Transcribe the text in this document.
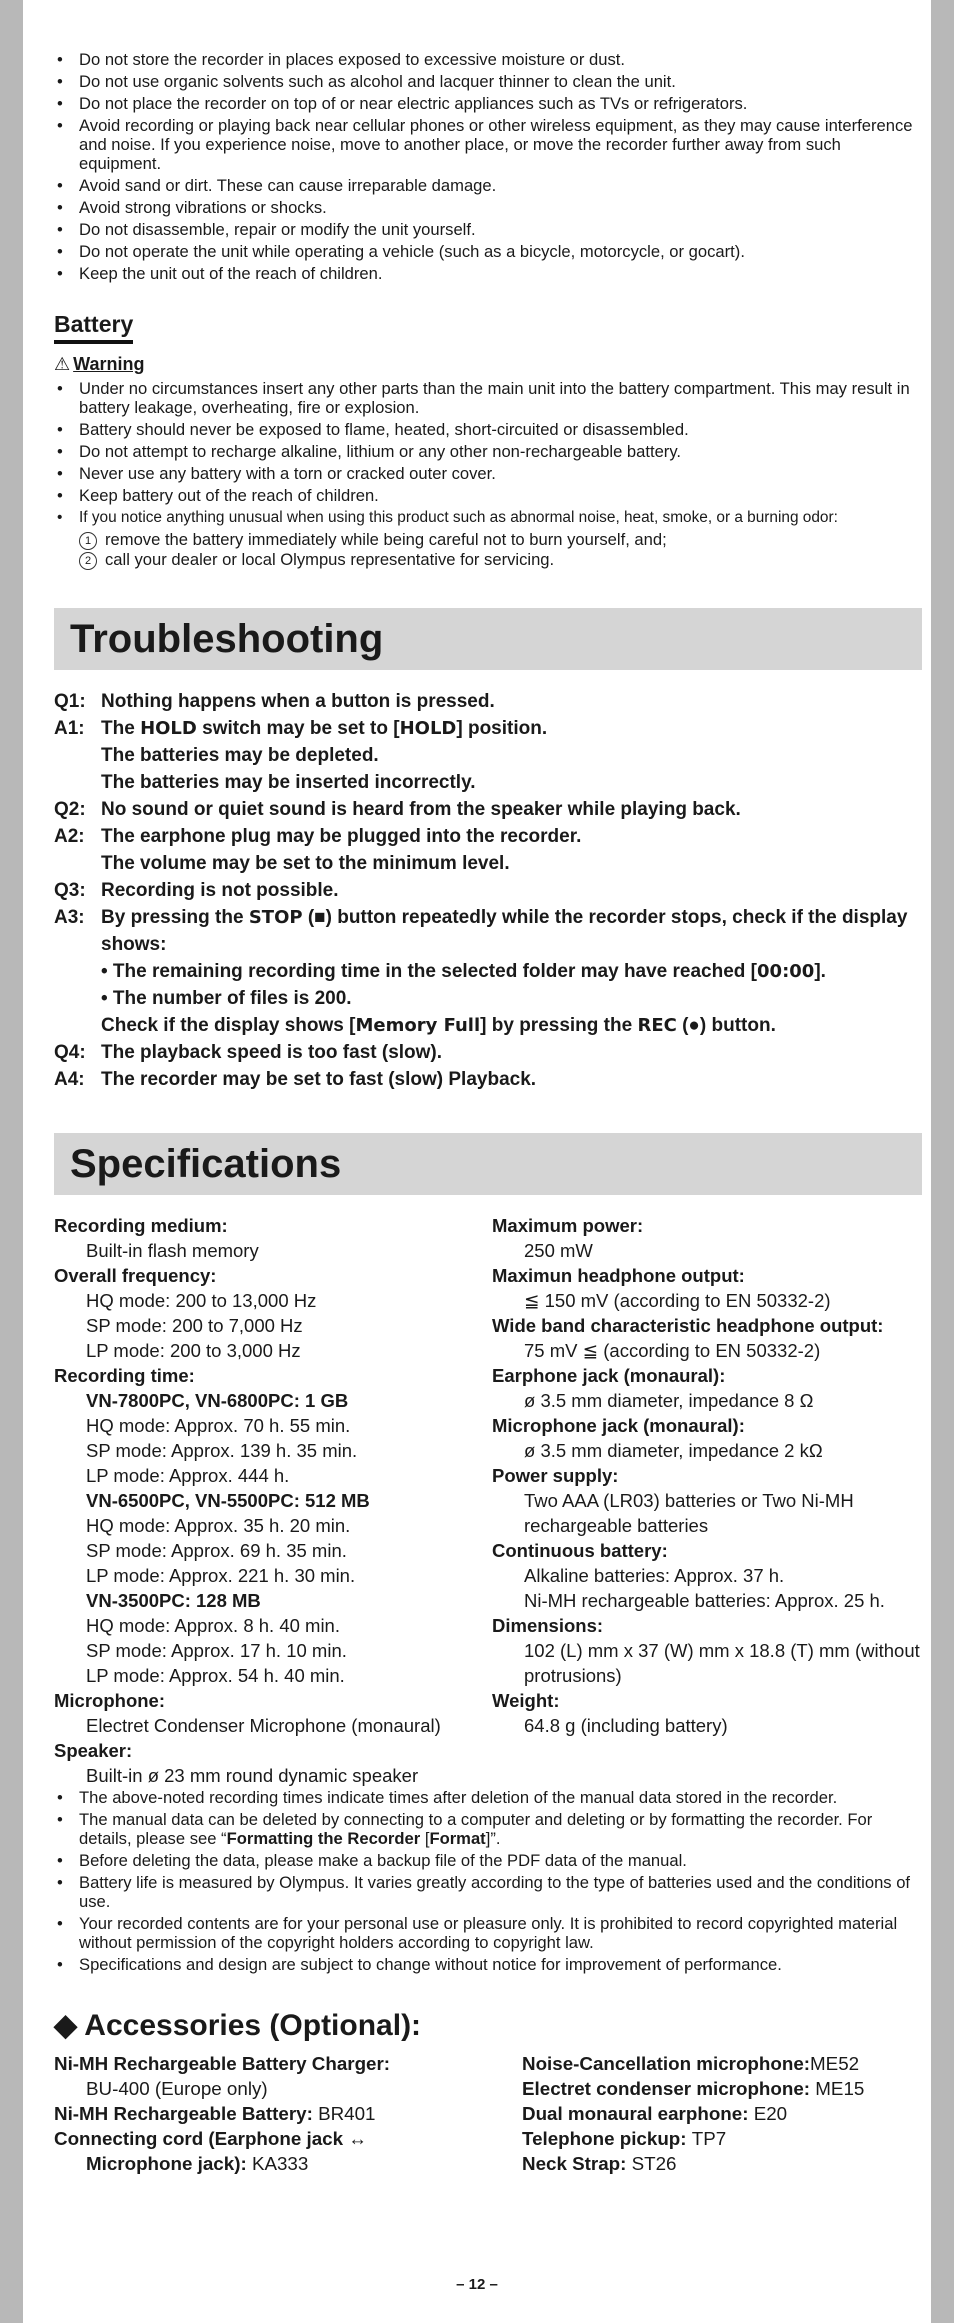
• Do not store the recorder in places exposed to excessive moisture or dust.
• Do not use organic solvents such as alcohol and lacquer thinner to clean the unit.
• Do not place the recorder on top of or near electric appliances such as TVs or refrigerators.
• Avoid recording or playing back near cellular phones or other wireless equipment, as they may cause interference and noise. If you experience noise, move to another place, or move the recorder further away from such equipment.
• Avoid sand or dirt. These can cause irreparable damage.
• Avoid strong vibrations or shocks.
• Do not disassemble, repair or modify the unit yourself.
• Do not operate the unit while operating a vehicle (such as a bicycle, motorcycle, or gocart).
• Keep the unit out of the reach of children.
Battery
⚠ Warning
• Under no circumstances insert any other parts than the main unit into the battery compartment. This may result in battery leakage, overheating, fire or explosion.
• Battery should never be exposed to flame, heated, short-circuited or disassembled.
• Do not attempt to recharge alkaline, lithium or any other non-rechargeable battery.
• Never use any battery with a torn or cracked outer cover.
• Keep battery out of the reach of children.
• If you notice anything unusual when using this product such as abnormal noise, heat, smoke, or a burning odor:
1 remove the battery immediately while being careful not to burn yourself, and;
2 call your dealer or local Olympus representative for servicing.
Troubleshooting
Q1: Nothing happens when a button is pressed.
A1: The HOLD switch may be set to [HOLD] position.
The batteries may be depleted.
The batteries may be inserted incorrectly.
Q2: No sound or quiet sound is heard from the speaker while playing back.
A2: The earphone plug may be plugged into the recorder.
The volume may be set to the minimum level.
Q3: Recording is not possible.
A3: By pressing the STOP (■) button repeatedly while the recorder stops, check if the display shows:
• The remaining recording time in the selected folder may have reached [00:00].
• The number of files is 200.
Check if the display shows [Memory Full] by pressing the REC (●) button.
Q4: The playback speed is too fast (slow).
A4: The recorder may be set to fast (slow) Playback.
Specifications
Recording medium:
Built-in flash memory
Overall frequency:
HQ mode: 200 to 13,000 Hz
SP mode: 200 to 7,000 Hz
LP mode: 200 to 3,000 Hz
Recording time:
VN-7800PC, VN-6800PC: 1 GB
HQ mode: Approx. 70 h. 55 min.
SP mode: Approx. 139 h. 35 min.
LP mode: Approx. 444 h.
VN-6500PC, VN-5500PC: 512 MB
HQ mode: Approx. 35 h. 20 min.
SP mode: Approx. 69 h. 35 min.
LP mode: Approx. 221 h. 30 min.
VN-3500PC: 128 MB
HQ mode: Approx. 8 h. 40 min.
SP mode: Approx. 17 h. 10 min.
LP mode: Approx. 54 h. 40 min.
Microphone:
Electret Condenser Microphone (monaural)
Speaker:
Built-in ø 23 mm round dynamic speaker
Maximum power:
250 mW
Maximun headphone output:
≦ 150 mV (according to EN 50332-2)
Wide band characteristic headphone output:
75 mV ≦ (according to EN 50332-2)
Earphone jack (monaural):
ø 3.5 mm diameter, impedance 8 Ω
Microphone jack (monaural):
ø 3.5 mm diameter, impedance 2 kΩ
Power supply:
Two AAA (LR03) batteries or Two Ni-MH rechargeable batteries
Continuous battery:
Alkaline batteries: Approx. 37 h.
Ni-MH rechargeable batteries: Approx. 25 h.
Dimensions:
102 (L) mm x 37 (W) mm x 18.8 (T) mm (without protrusions)
Weight:
64.8 g (including battery)
• The above-noted recording times indicate times after deletion of the manual data stored in the recorder.
• The manual data can be deleted by connecting to a computer and deleting or by formatting the recorder. For details, please see “Formatting the Recorder [Format]”.
• Before deleting the data, please make a backup file of the PDF data of the manual.
• Battery life is measured by Olympus. It varies greatly according to the type of batteries used and the conditions of use.
• Your recorded contents are for your personal use or pleasure only. It is prohibited to record copyrighted material without permission of the copyright holders according to copyright law.
• Specifications and design are subject to change without notice for improvement of performance.
◆ Accessories (Optional):
Ni-MH Rechargeable Battery Charger:
BU-400 (Europe only)
Ni-MH Rechargeable Battery: BR401
Connecting cord (Earphone jack ↔
Microphone jack): KA333
Noise-Cancellation microphone:ME52
Electret condenser microphone: ME15
Dual monaural earphone: E20
Telephone pickup: TP7
Neck Strap: ST26
– 12 –
